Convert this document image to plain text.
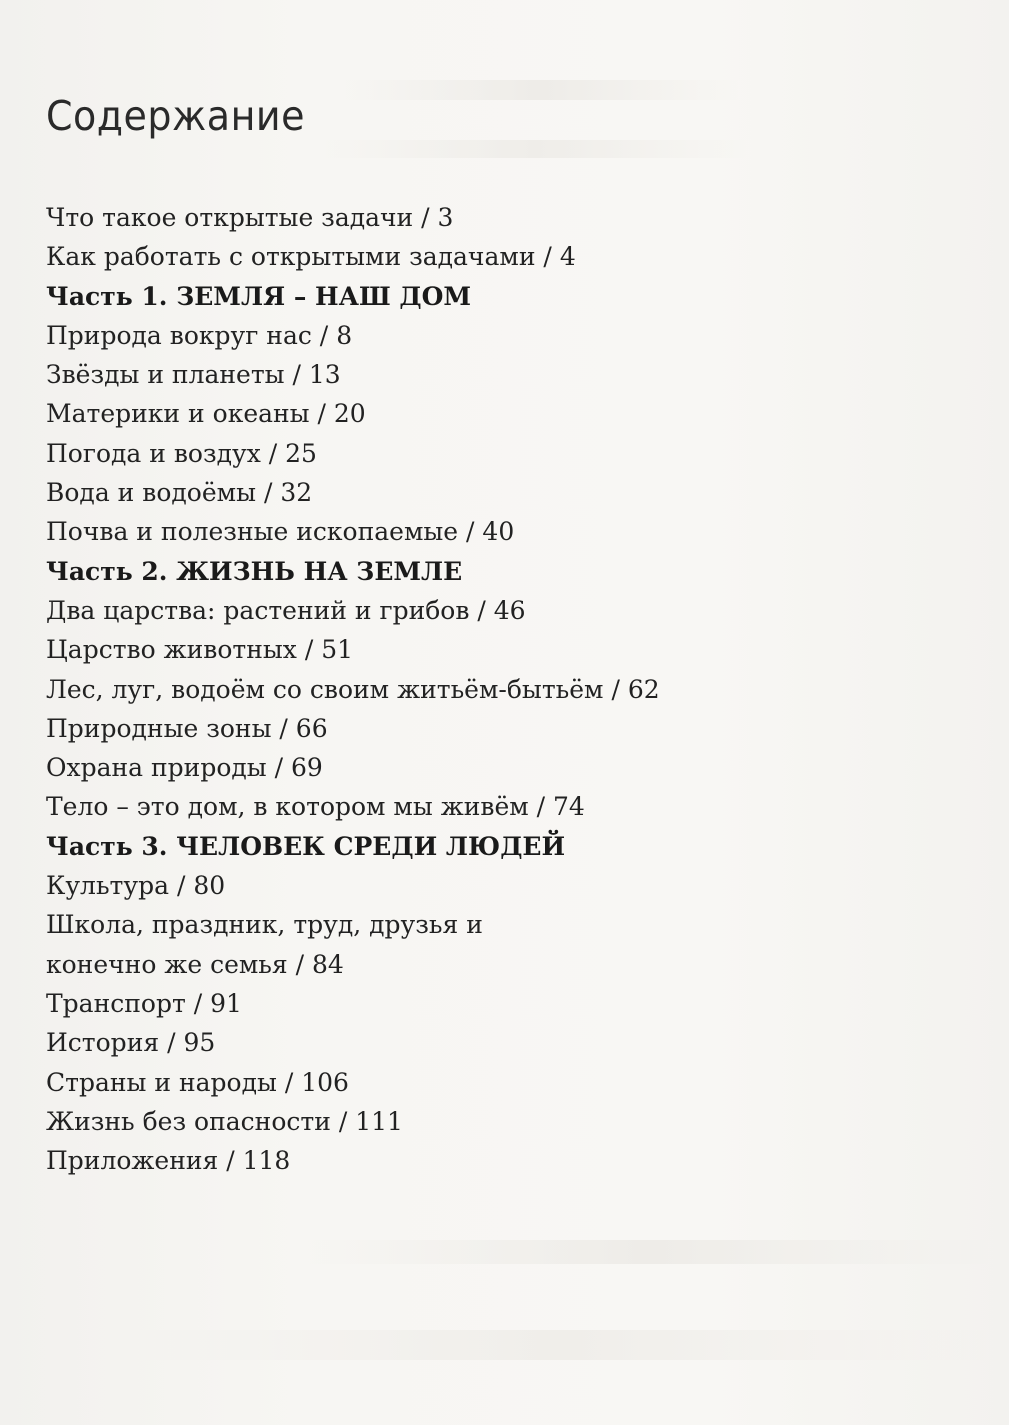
Содержание
Что такое открытые задачи / 3
Как работать с открытыми задачами / 4
Часть 1. ЗЕМЛЯ – НАШ ДОМ
Природа вокруг нас / 8
Звёзды и планеты / 13
Материки и океаны / 20
Погода и воздух / 25
Вода и водоёмы / 32
Почва и полезные ископаемые / 40
Часть 2. ЖИЗНЬ НА ЗЕМЛЕ
Два царства: растений и грибов / 46
Царство животных / 51
Лес, луг, водоём со своим житьём-бытьём / 62
Природные зоны / 66
Охрана природы / 69
Тело – это дом, в котором мы живём / 74
Часть 3. ЧЕЛОВЕК СРЕДИ ЛЮДЕЙ
Культура / 80
Школа, праздник, труд, друзья и
конечно же семья / 84
Транспорт / 91
История / 95
Страны и народы / 106
Жизнь без опасности / 111
Приложения / 118
